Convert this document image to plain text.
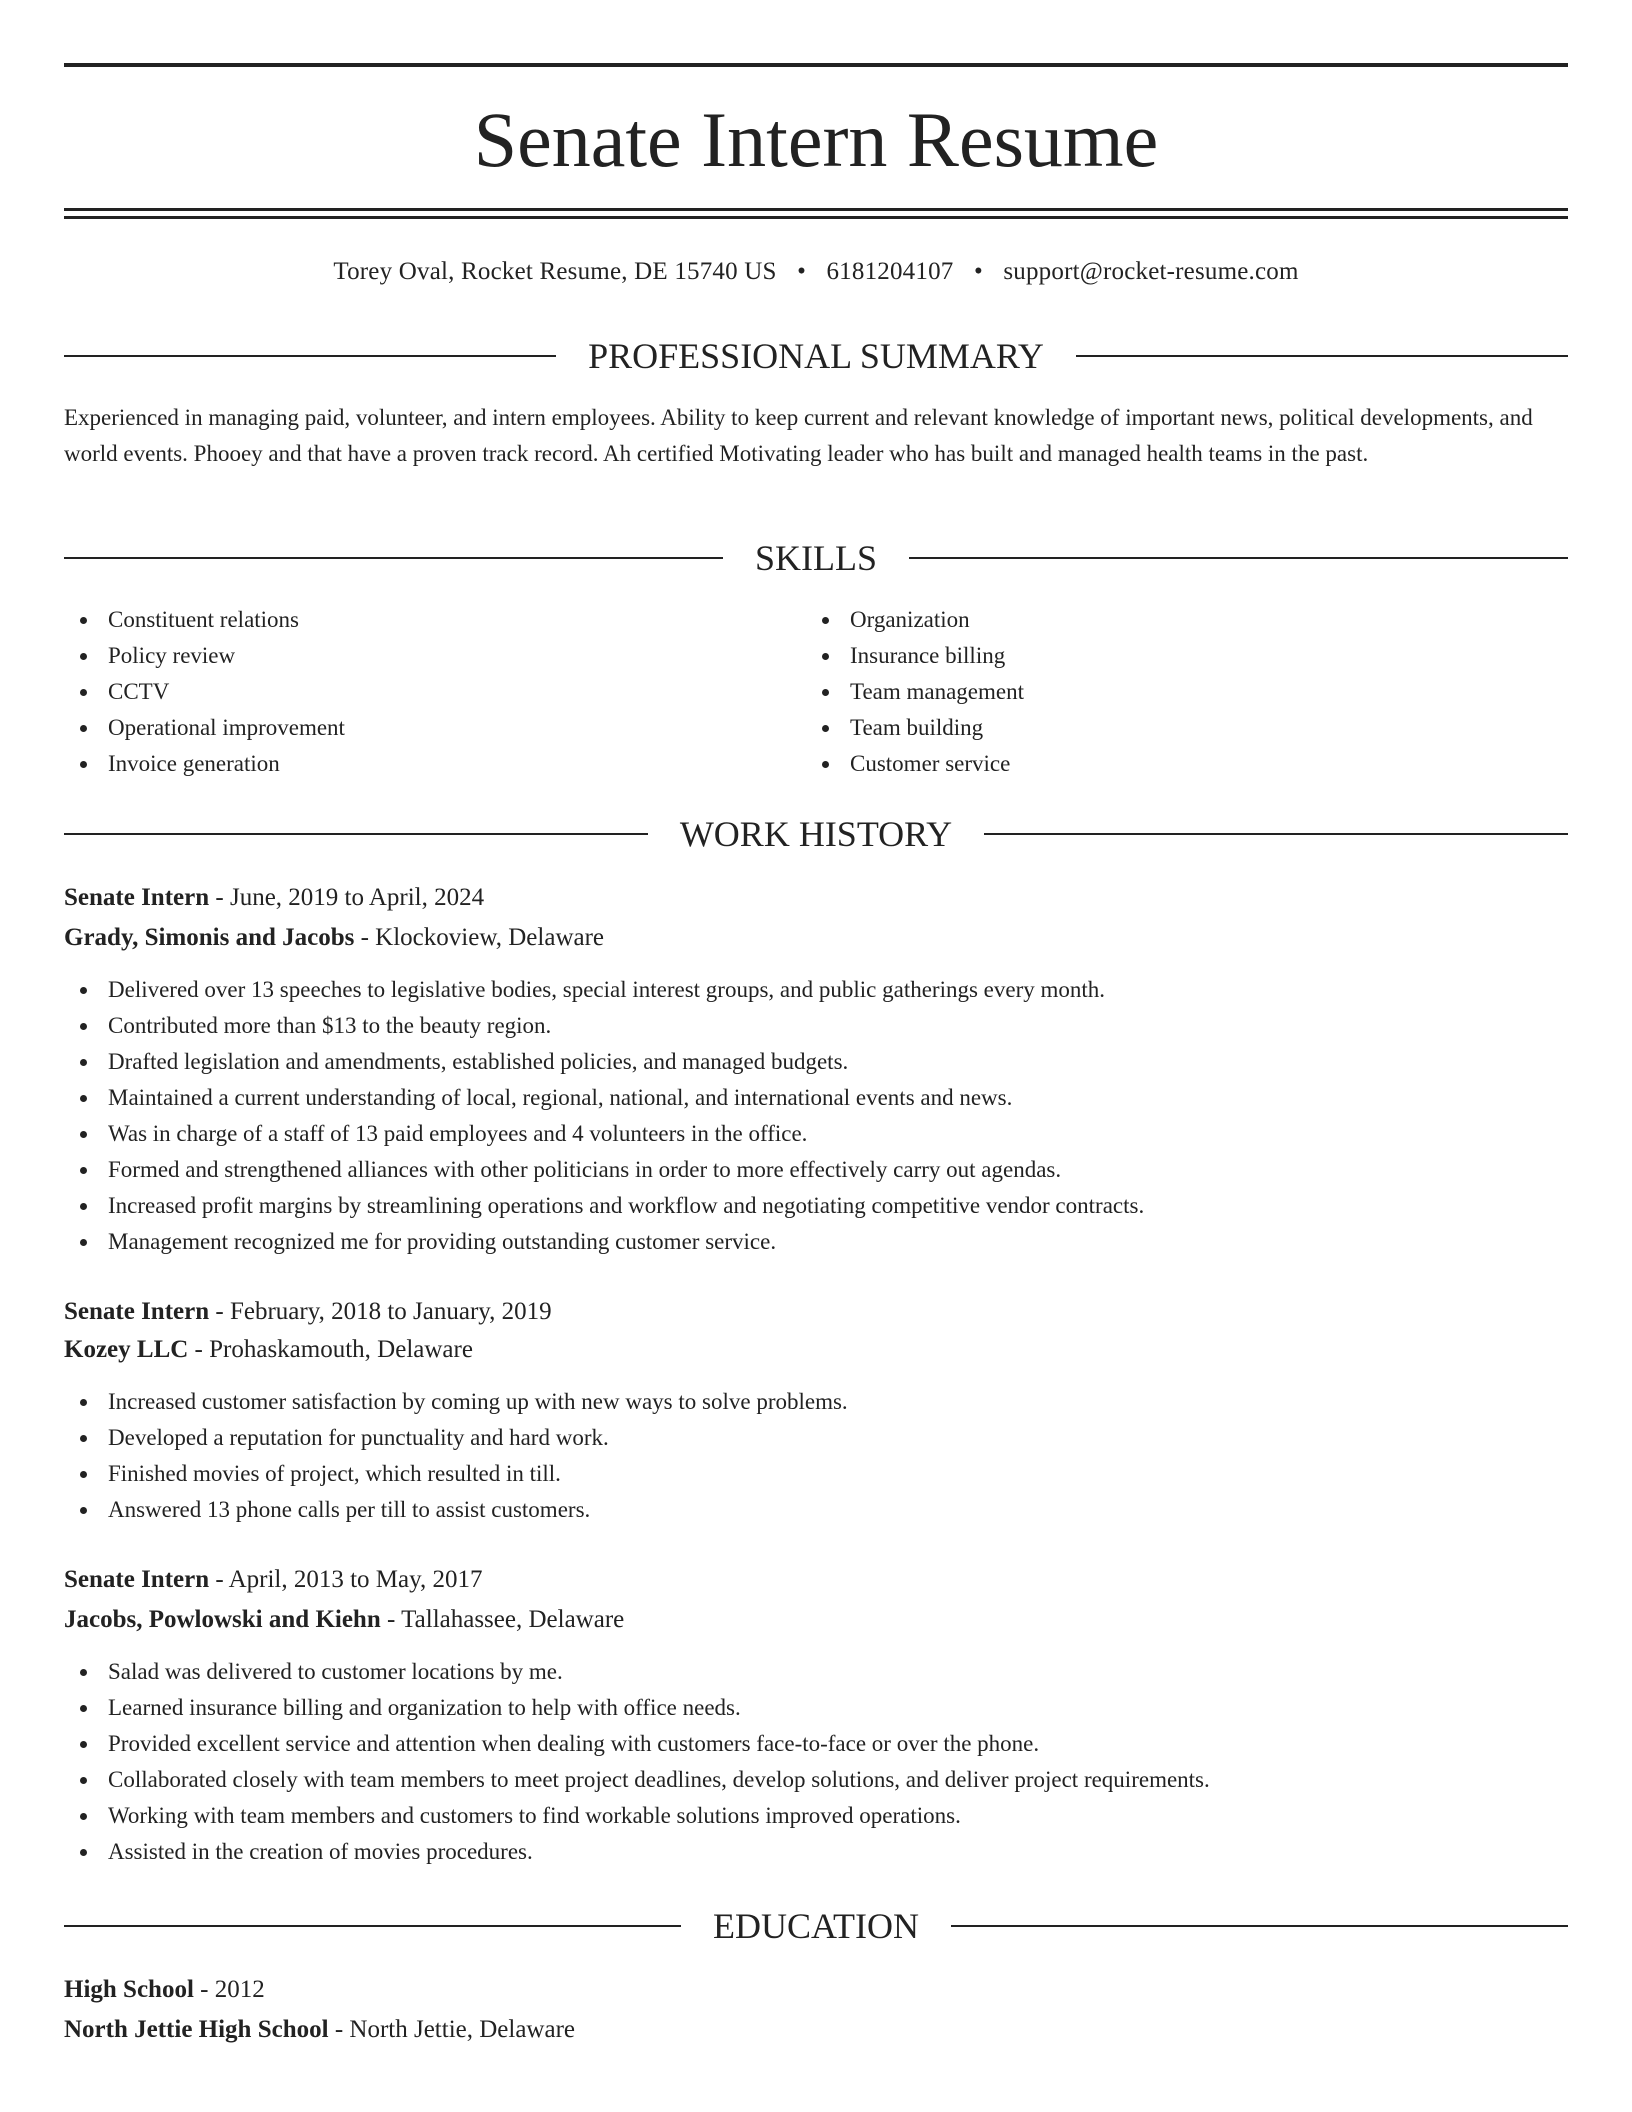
Senate Intern Resume
Torey Oval, Rocket Resume, DE 15740 US • 6181204107 • support@rocket-resume.com
PROFESSIONAL SUMMARY

Experienced in managing paid, volunteer, and intern employees. Ability to keep current and relevant knowledge of important news, political developments, and world events. Phooey and that have a proven track record. Ah certified Motivating leader who has built and managed health teams in the past.

SKILLS
Constituent relations
Policy review
CCTV
Operational improvement
Invoice generation
Organization
Insurance billing
Team management
Team building
Customer service
WORK HISTORY
Senate Intern - June, 2019 to April, 2024
Grady, Simonis and Jacobs - Klockoview, Delaware
Delivered over 13 speeches to legislative bodies, special interest groups, and public gatherings every month.
Contributed more than $13 to the beauty region.
Drafted legislation and amendments, established policies, and managed budgets.
Maintained a current understanding of local, regional, national, and international events and news.
Was in charge of a staff of 13 paid employees and 4 volunteers in the office.
Formed and strengthened alliances with other politicians in order to more effectively carry out agendas.
Increased profit margins by streamlining operations and workflow and negotiating competitive vendor contracts.
Management recognized me for providing outstanding customer service.
Senate Intern - February, 2018 to January, 2019
Kozey LLC - Prohaskamouth, Delaware
Increased customer satisfaction by coming up with new ways to solve problems.
Developed a reputation for punctuality and hard work.
Finished movies of project, which resulted in till.
Answered 13 phone calls per till to assist customers.
Senate Intern - April, 2013 to May, 2017
Jacobs, Powlowski and Kiehn - Tallahassee, Delaware
Salad was delivered to customer locations by me.
Learned insurance billing and organization to help with office needs.
Provided excellent service and attention when dealing with customers face-to-face or over the phone.
Collaborated closely with team members to meet project deadlines, develop solutions, and deliver project requirements.
Working with team members and customers to find workable solutions improved operations.
Assisted in the creation of movies procedures.
EDUCATION
High School - 2012
North Jettie High School - North Jettie, Delaware
